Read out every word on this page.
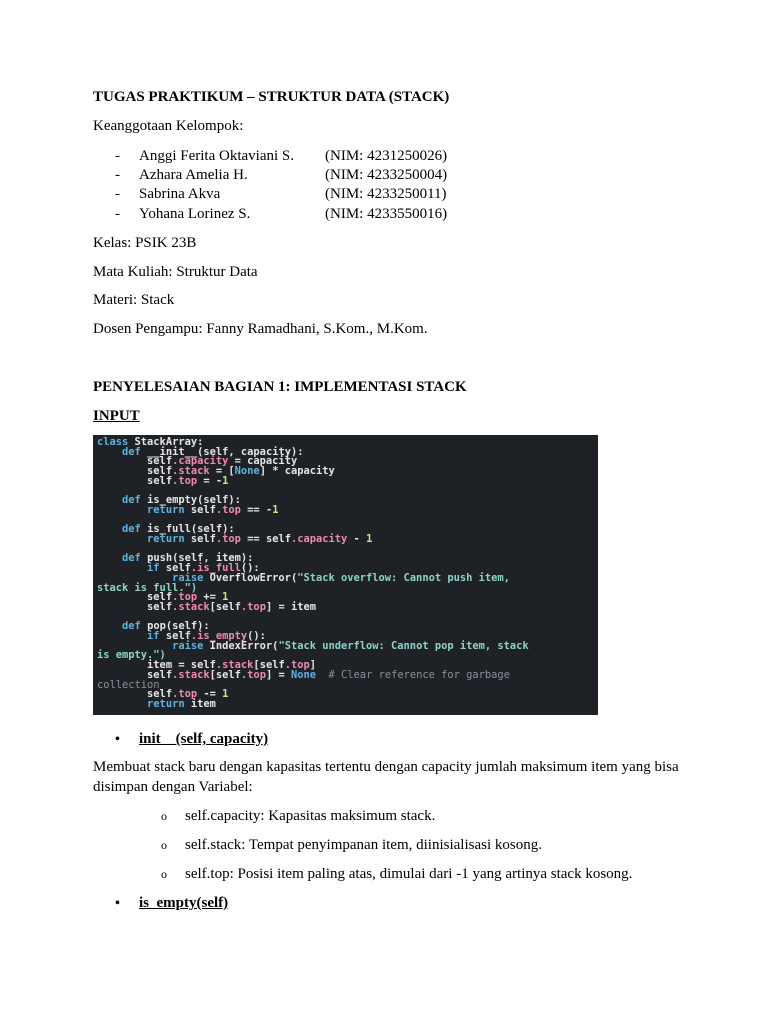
TUGAS PRAKTIKUM – STRUKTUR DATA (STACK)
Keanggotaan Kelompok:
- Anggi Ferita Oktaviani S. (NIM: 4231250026)
- Azhara Amelia H.	(NIM: 4233250004)
- Sabrina Akva	(NIM: 4233250011)
- Yohana Lorinez S.	(NIM: 4233550016)
Kelas: PSIK 23B
Mata Kuliah: Struktur Data
Materi: Stack
Dosen Pengampu: Fanny Ramadhani, S.Kom., M.Kom.
PENYELESAIAN BAGIAN 1: IMPLEMENTASI STACK
INPUT
class StackArray:
def __init__(self, capacity):
self.capacity = capacity
self.stack = [None] * capacity
self.top = -1

def is_empty(self):
return self.top == -1

def is_full(self):
return self.top == self.capacity - 1

def push(self, item):
if self.is_full():
raise OverflowError("Stack overflow: Cannot push item,
stack is full.")
self.top += 1
self.stack[self.top] = item

def pop(self):
if self.is_empty():
raise IndexError("Stack underflow: Cannot pop item, stack
is empty.")
item = self.stack[self.top]
self.stack[self.top] = None # Clear reference for garbage
collection
self.top -= 1
return item
• init__(self, capacity)
Membuat stack baru dengan kapasitas tertentu dengan capacity jumlah maksimum item yang bisa disimpan dengan Variabel:
o self.capacity: Kapasitas maksimum stack.
o self.stack: Tempat penyimpanan item, diinisialisasi kosong.
o self.top: Posisi item paling atas, dimulai dari -1 yang artinya stack kosong.
• is_empty(self)
